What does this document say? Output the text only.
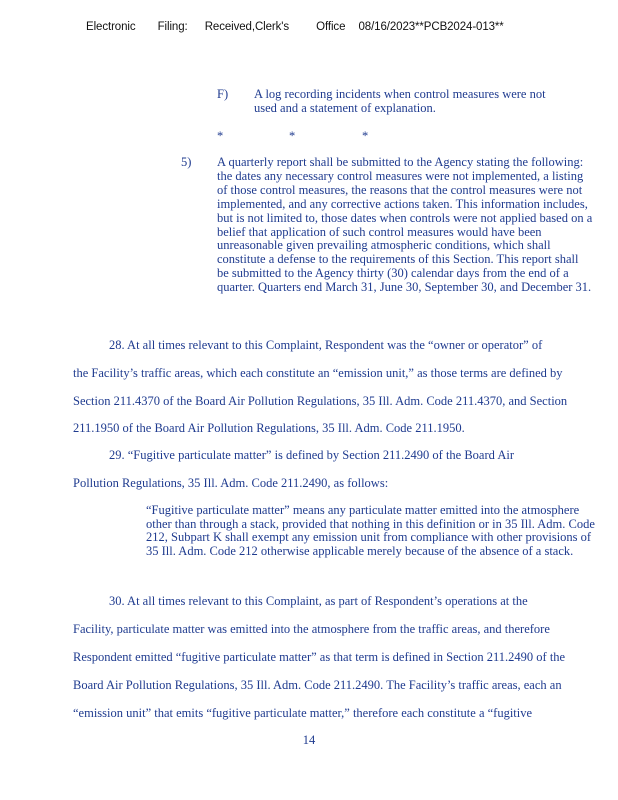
Electronic Filing: Received,Clerk's Office 08/16/2023**PCB2024-013**
F) A log recording incidents when control measures were not used and a statement of explanation.
*	*	*
5) A quarterly report shall be submitted to the Agency stating the following: the dates any necessary control measures were not implemented, a listing of those control measures, the reasons that the control measures were not implemented, and any corrective actions taken. This information includes, but is not limited to, those dates when controls were not applied based on a belief that application of such control measures would have been unreasonable given prevailing atmospheric conditions, which shall constitute a defense to the requirements of this Section. This report shall be submitted to the Agency thirty (30) calendar days from the end of a quarter. Quarters end March 31, June 30, September 30, and December 31.
28. At all times relevant to this Complaint, Respondent was the “owner or operator” of
the Facility’s traffic areas, which each constitute an “emission unit,” as those terms are defined by
Section 211.4370 of the Board Air Pollution Regulations, 35 Ill. Adm. Code 211.4370, and Section
211.1950 of the Board Air Pollution Regulations, 35 Ill. Adm. Code 211.1950.
29. “Fugitive particulate matter” is defined by Section 211.2490 of the Board Air
Pollution Regulations, 35 Ill. Adm. Code 211.2490, as follows:
“Fugitive particulate matter” means any particulate matter emitted into the atmosphere other than through a stack, provided that nothing in this definition or in 35 Ill. Adm. Code 212, Subpart K shall exempt any emission unit from compliance with other provisions of 35 Ill. Adm. Code 212 otherwise applicable merely because of the absence of a stack.
30. At all times relevant to this Complaint, as part of Respondent’s operations at the
Facility, particulate matter was emitted into the atmosphere from the traffic areas, and therefore
Respondent emitted “fugitive particulate matter” as that term is defined in Section 211.2490 of the
Board Air Pollution Regulations, 35 Ill. Adm. Code 211.2490. The Facility’s traffic areas, each an
“emission unit” that emits “fugitive particulate matter,” therefore each constitute a “fugitive
14
